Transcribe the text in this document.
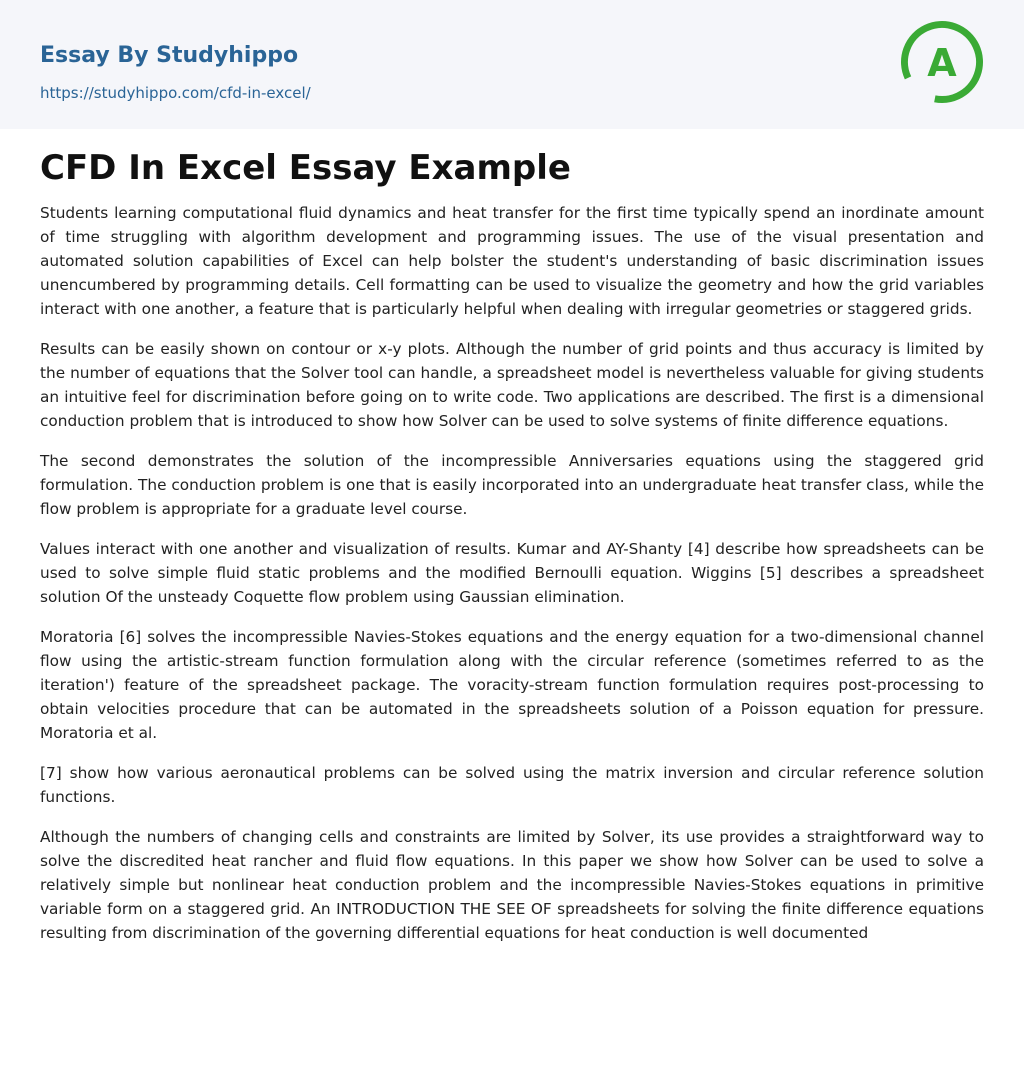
Essay By Studyhippo
https://studyhippo.com/cfd-in-excel/
A
CFD In Excel Essay Example

Students learning computational fluid dynamics and heat transfer for the first time typically spend an inordinate amount of time struggling with algorithm development and programming issues. The use of the visual presentation and automated solution capabilities of Excel can help bolster the student's understanding of basic discrimination issues unencumbered by programming details. Cell formatting can be used to visualize the geometry and how the grid variables interact with one another, a feature that is particularly helpful when dealing with irregular geometries or staggered grids.

Results can be easily shown on contour or x-y plots. Although the number of grid points and thus accuracy is limited by the number of equations that the Solver tool can handle, a spreadsheet model is nevertheless valuable for giving students an intuitive feel for discrimination before going on to write code. Two applications are described. The first is a dimensional conduction problem that is introduced to show how Solver can be used to solve systems of finite difference equations.

The second demonstrates the solution of the incompressible Anniversaries equations using the staggered grid formulation. The conduction problem is one that is easily incorporated into an undergraduate heat transfer class, while the flow problem is appropriate for a graduate level course.

Values interact with one another and visualization of results. Kumar and AY-Shanty [4] describe how spreadsheets can be used to solve simple fluid static problems and the modified Bernoulli equation. Wiggins [5] describes a spreadsheet solution Of the unsteady Coquette flow problem using Gaussian elimination.

Moratoria [6] solves the incompressible Navies-Stokes equations and the energy equation for a two-dimensional channel flow using the artistic-stream function formulation along with the circular reference (sometimes referred to as the iteration') feature of the spreadsheet package. The voracity-stream function formulation requires post-processing to obtain velocities procedure that can be automated in the spreadsheets solution of a Poisson equation for pressure. Moratoria et al.

[7] show how various aeronautical problems can be solved using the matrix inversion and circular reference solution functions.

Although the numbers of changing cells and constraints are limited by Solver, its use provides a straightforward way to solve the discredited heat rancher and fluid flow equations. In this paper we show how Solver can be used to solve a relatively simple but nonlinear heat conduction problem and the incompressible Navies-Stokes equations in primitive variable form on a staggered grid. An INTRODUCTION THE SEE OF spreadsheets for solving the finite difference equations resulting from discrimination of the governing differential equations for heat conduction is well documented
